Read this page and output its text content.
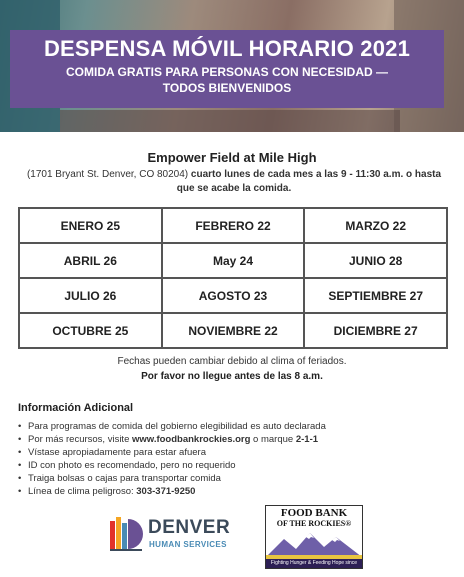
DESPENSA MÓVIL HORARIO 2021
COMIDA GRATIS PARA PERSONAS CON NECESIDAD —
TODOS BIENVENIDOS
Empower Field at Mile High
(1701 Bryant St. Denver, CO 80204) cuarto lunes de cada mes a las 9 - 11:30 a.m. o hasta que se acabe la comida.
ENERO 25	FEBRERO 22	MARZO 22
ABRIL 26	May 24	JUNIO 28
JULIO 26	AGOSTO 23	SEPTIEMBRE 27
OCTUBRE 25	NOVIEMBRE 22	DICIEMBRE 27
Fechas pueden cambiar debido al clima of feriados.
Por favor no llegue antes de las 8 a.m.
Información Adicional
• Para programas de comida del gobierno elegibilidad es auto declarada
• Por más recursos, visite www.foodbankrockies.org o marque 2-1-1
• Vístase apropiadamente para estar afuera
• ID con photo es recomendado, pero no requerido
• Traiga bolsas o cajas para transportar comida
• Línea de clima peligroso: 303-371-9250
DENVER
HUMAN SERVICES
FOOD BANK
OF THE ROCKIES®
Fighting Hunger & Feeding Hope since 1978
